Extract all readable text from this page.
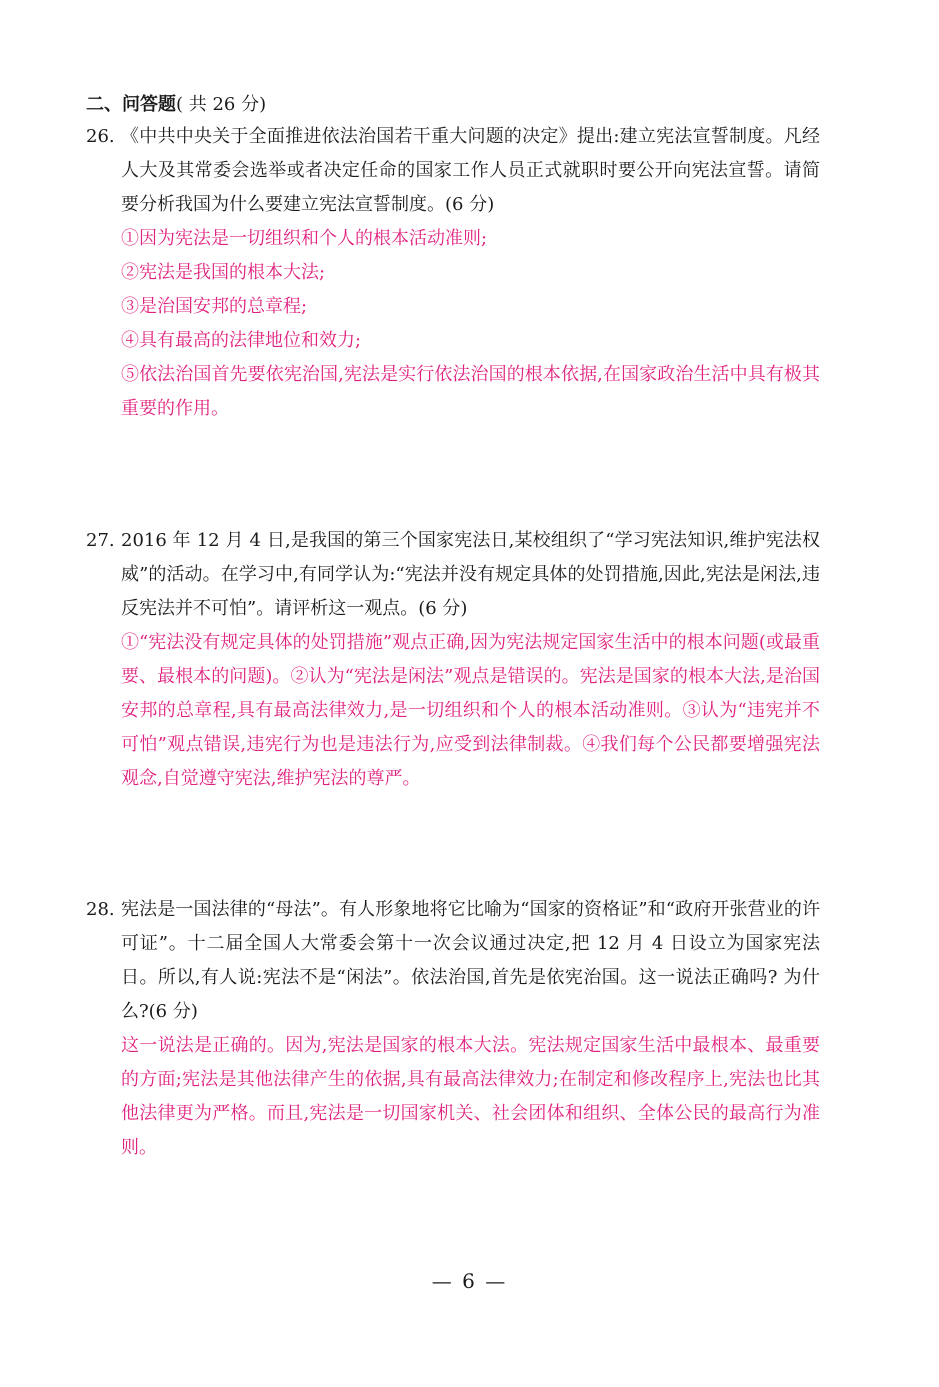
二、问答题( 共 26 分)
26. 《中共中央关于全面推进依法治国若干重大问题的决定》提出:建立宪法宣誓制度。凡经人大及其常委会选举或者决定任命的国家工作人员正式就职时要公开向宪法宣誓。请简要分析我国为什么要建立宪法宣誓制度。(6 分)
①因为宪法是一切组织和个人的根本活动准则;
②宪法是我国的根本大法;
③是治国安邦的总章程;
④具有最高的法律地位和效力;
⑤依法治国首先要依宪治国,宪法是实行依法治国的根本依据,在国家政治生活中具有极其重要的作用。
27. 2016 年 12 月 4 日,是我国的第三个国家宪法日,某校组织了“学习宪法知识,维护宪法权威”的活动。在学习中,有同学认为:“宪法并没有规定具体的处罚措施,因此,宪法是闲法,违反宪法并不可怕”。请评析这一观点。(6 分)
①“宪法没有规定具体的处罚措施”观点正确,因为宪法规定国家生活中的根本问题(或最重要、最根本的问题)。②认为“宪法是闲法”观点是错误的。宪法是国家的根本大法,是治国安邦的总章程,具有最高法律效力,是一切组织和个人的根本活动准则。③认为“违宪并不可怕”观点错误,违宪行为也是违法行为,应受到法律制裁。④我们每个公民都要增强宪法观念,自觉遵守宪法,维护宪法的尊严。
28. 宪法是一国法律的“母法”。有人形象地将它比喻为“国家的资格证”和“政府开张营业的许可证”。十二届全国人大常委会第十一次会议通过决定,把 12 月 4 日设立为国家宪法日。所以,有人说:宪法不是“闲法”。依法治国,首先是依宪治国。这一说法正确吗? 为什么?(6 分)
这一说法是正确的。因为,宪法是国家的根本大法。宪法规定国家生活中最根本、最重要的方面;宪法是其他法律产生的依据,具有最高法律效力;在制定和修改程序上,宪法也比其他法律更为严格。而且,宪法是一切国家机关、社会团体和组织、全体公民的最高行为准则。
— 6 —
